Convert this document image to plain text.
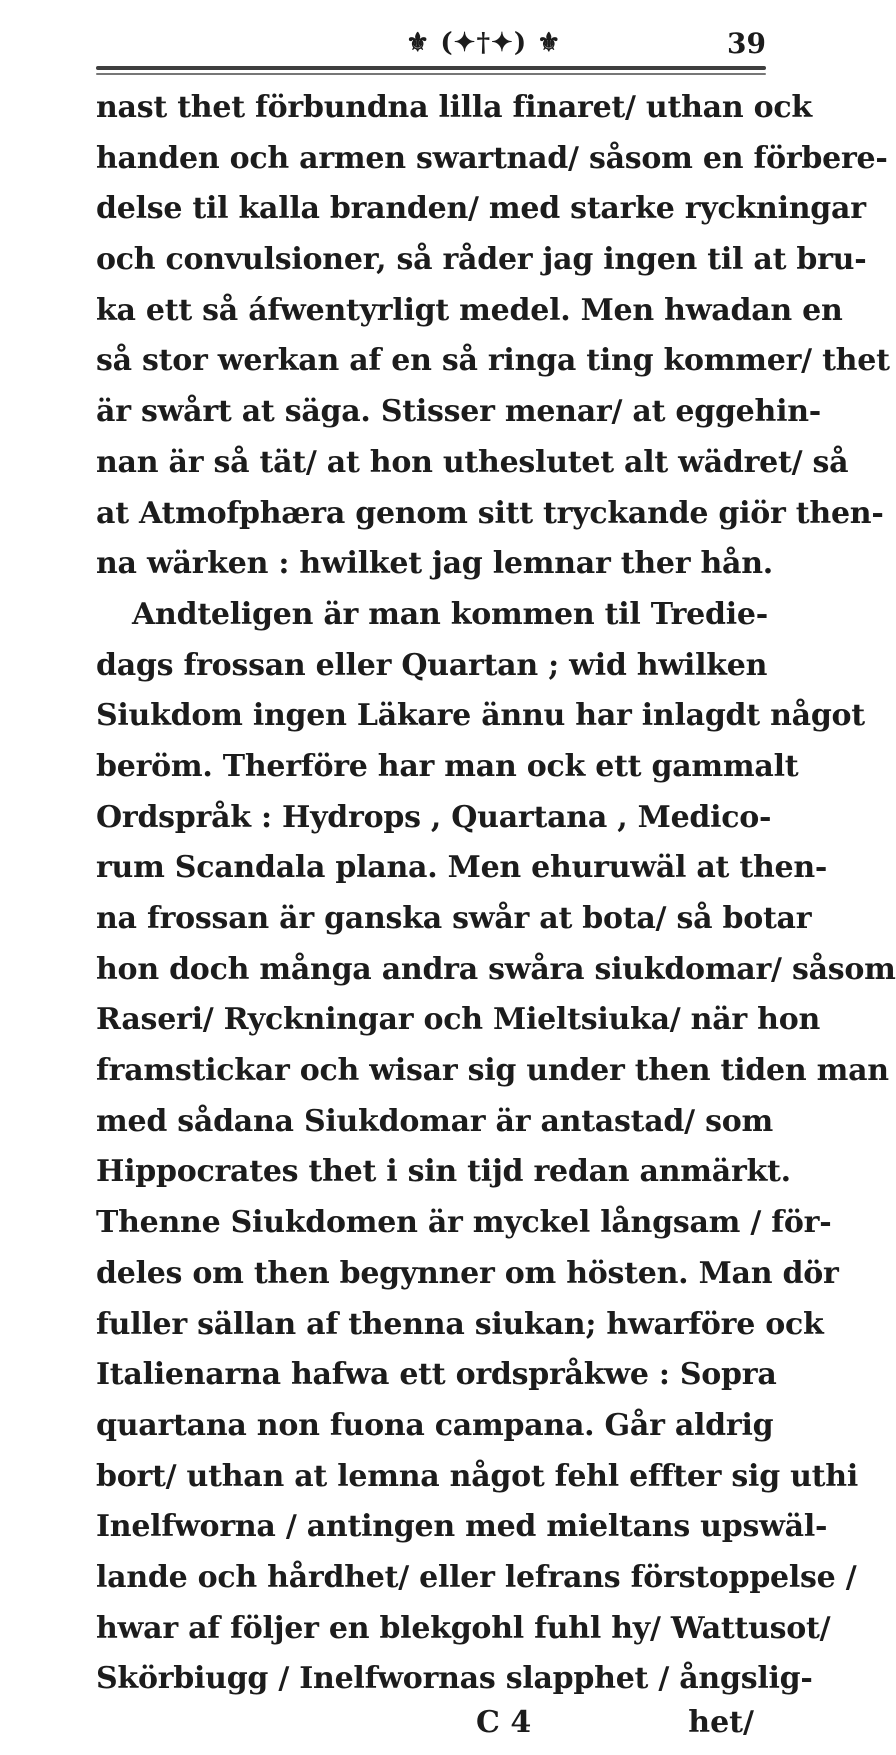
⚜ (✦†✦) ⚜	39
nast thet förbundna lilla finaret/ uthan ock
handen och armen swartnad/ såsom en förbere-
delse til kalla branden/ med starke ryckningar
och convulsioner, så råder jag ingen til at bru-
ka ett så áfwentyrligt medel. Men hwadan en
så stor werkan af en så ringa ting kommer/ thet
är swårt at säga. Stisser menar/ at eggehin-
nan är så tät/ at hon utheslutet alt wädret/ så
at Atmofphæra genom sitt tryckande giör then-
na wärken : hwilket jag lemnar ther hån.
Andteligen är man kommen til Tredie-
dags frossan eller Quartan ; wid hwilken
Siukdom ingen Läkare ännu har inlagdt något
beröm. Therföre har man ock ett gammalt
Ordspråk : Hydrops , Quartana , Medico-
rum Scandala plana. Men ehuruwäl at then-
na frossan är ganska swår at bota/ så botar
hon doch många andra swåra siukdomar/ såsom
Raseri/ Ryckningar och Mieltsiuka/ när hon
framstickar och wisar sig under then tiden man
med sådana Siukdomar är antastad/ som
Hippocrates thet i sin tijd redan anmärkt.
Thenne Siukdomen är myckel långsam / för-
deles om then begynner om hösten. Man dör
fuller sällan af thenna siukan; hwarföre ock
Italienarna hafwa ett ordspråkwe : Sopra
quartana non fuona campana. Går aldrig
bort/ uthan at lemna något fehl effter sig uthi
Inelfworna / antingen med mieltans upswäl-
lande och hårdhet/ eller lefrans förstoppelse /
hwar af följer en blekgohl fuhl hy/ Wattusot/
Skörbiugg / Inelfwornas slapphet / ångslig-
C 4	het/
